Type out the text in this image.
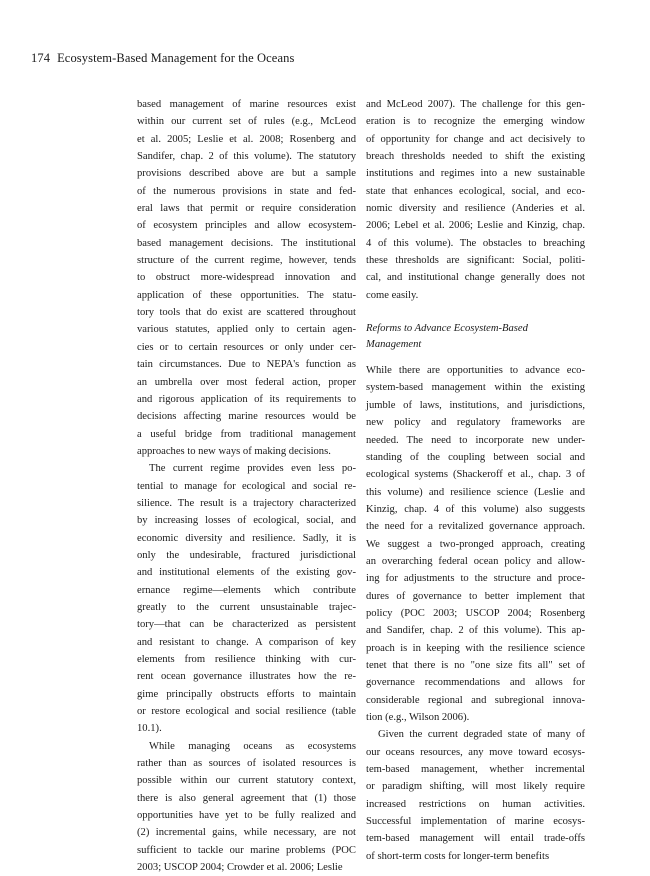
174 Ecosystem-Based Management for the Oceans

based management of marine resources exist
within our current set of rules (e.g., McLeod
et al. 2005; Leslie et al. 2008; Rosenberg and
Sandifer, chap. 2 of this volume). The statutory
provisions described above are but a sample
of the numerous provisions in state and fed-
eral laws that permit or require consideration
of ecosystem principles and allow ecosystem-
based management decisions. The institutional
structure of the current regime, however, tends
to obstruct more-widespread innovation and
application of these opportunities. The statu-
tory tools that do exist are scattered throughout
various statutes, applied only to certain agen-
cies or to certain resources or only under cer-
tain circumstances. Due to NEPA's function as
an umbrella over most federal action, proper
and rigorous application of its requirements to
decisions affecting marine resources would be
a useful bridge from traditional management
approaches to new ways of making decisions.

The current regime provides even less po-
tential to manage for ecological and social re-
silience. The result is a trajectory characterized
by increasing losses of ecological, social, and
economic diversity and resilience. Sadly, it is
only the undesirable, fractured jurisdictional
and institutional elements of the existing gov-
ernance regime—elements which contribute
greatly to the current unsustainable trajec-
tory—that can be characterized as persistent
and resistant to change. A comparison of key
elements from resilience thinking with cur-
rent ocean governance illustrates how the re-
gime principally obstructs efforts to maintain
or restore ecological and social resilience (table
10.1).

While managing oceans as ecosystems
rather than as sources of isolated resources is
possible within our current statutory context,
there is also general agreement that (1) those
opportunities have yet to be fully realized and
(2) incremental gains, while necessary, are not
sufficient to tackle our marine problems (POC
2003; USCOP 2004; Crowder et al. 2006; Leslie

and McLeod 2007). The challenge for this gen-
eration is to recognize the emerging window
of opportunity for change and act decisively to
breach thresholds needed to shift the existing
institutions and regimes into a new sustainable
state that enhances ecological, social, and eco-
nomic diversity and resilience (Anderies et al.
2006; Lebel et al. 2006; Leslie and Kinzig, chap.
4 of this volume). The obstacles to breaching
these thresholds are significant: Social, politi-
cal, and institutional change generally does not
come easily.

Reforms to Advance Ecosystem-Based
Management

While there are opportunities to advance eco-
system-based management within the existing
jumble of laws, institutions, and jurisdictions,
new policy and regulatory frameworks are
needed. The need to incorporate new under-
standing of the coupling between social and
ecological systems (Shackeroff et al., chap. 3 of
this volume) and resilience science (Leslie and
Kinzig, chap. 4 of this volume) also suggests
the need for a revitalized governance approach.
We suggest a two-pronged approach, creating
an overarching federal ocean policy and allow-
ing for adjustments to the structure and proce-
dures of governance to better implement that
policy (POC 2003; USCOP 2004; Rosenberg
and Sandifer, chap. 2 of this volume). This ap-
proach is in keeping with the resilience science
tenet that there is no "one size fits all" set of
governance recommendations and allows for
considerable regional and subregional innova-
tion (e.g., Wilson 2006).

Given the current degraded state of many of
our oceans resources, any move toward ecosys-
tem-based management, whether incremental
or paradigm shifting, will most likely require
increased restrictions on human activities.
Successful implementation of marine ecosys-
tem-based management will entail trade-offs
of short-term costs for longer-term benefits
